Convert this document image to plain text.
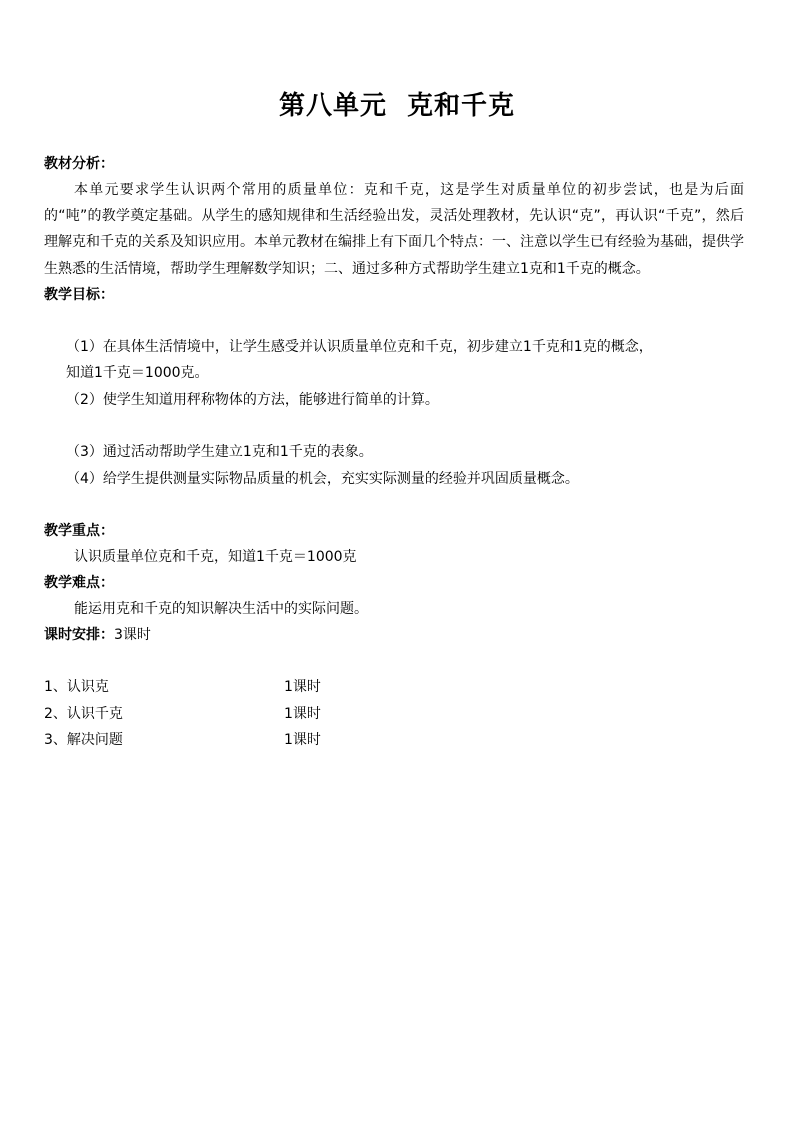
第八单元  克和千克

教材分析：

本单元要求学生认识两个常用的质量单位：克和千克，这是学生对质量单位的初步尝试，也是为后面的“吨”的教学奠定基础。从学生的感知规律和生活经验出发，灵活处理教材，先认识“克”，再认识“千克”，然后理解克和千克的关系及知识应用。本单元教材在编排上有下面几个特点：一、注意以学生已有经验为基础，提供学生熟悉的生活情境，帮助学生理解数学知识；二、通过多种方式帮助学生建立1克和1千克的概念。

教学目标：

（1）在具体生活情境中，让学生感受并认识质量单位克和千克，初步建立1千克和1克的概念，
知道1千克＝1000克。

（2）使学生知道用秤称物体的方法，能够进行简单的计算。

（3）通过活动帮助学生建立1克和1千克的表象。

（4）给学生提供测量实际物品质量的机会，充实实际测量的经验并巩固质量概念。

教学重点：

认识质量单位克和千克，知道1千克＝1000克

教学难点：

能运用克和千克的知识解决生活中的实际问题。

课时安排：3课时

1、认识克	1课时
2、认识千克	1课时
3、解决问题	1课时
